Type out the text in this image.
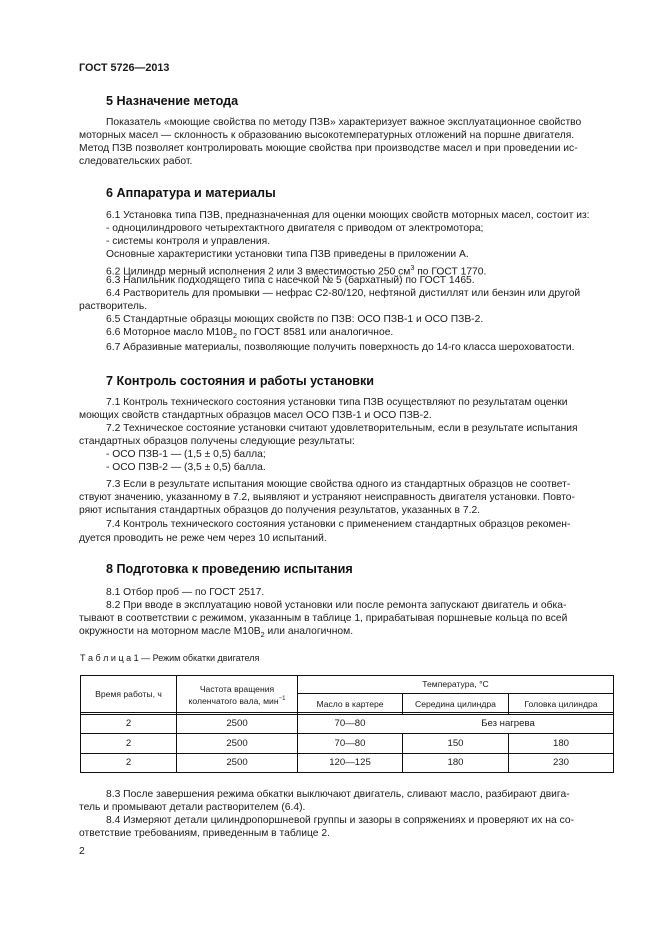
ГОСТ 5726—2013
5 Назначение метода
Показатель «моющие свойства по методу ПЗВ» характеризует важное эксплуатационное свойство
моторных масел — склонность к образованию высокотемпературных отложений на поршне двигателя.
Метод ПЗВ позволяет контролировать моющие свойства при производстве масел и при проведении ис-
следовательских работ.
6 Аппаратура и материалы
6.1 Установка типа ПЗВ, предназначенная для оценки моющих свойств моторных масел, состоит из:
- одноцилиндрового четырехтактного двигателя с приводом от электромотора;
- системы контроля и управления.
Основные характеристики установки типа ПЗВ приведены в приложении А.
6.2 Цилиндр мерный исполнения 2 или 3 вместимостью 250 $см^3$ по ГОСТ 1770.
6.3 Напильник подходящего типа с насечкой № 5 (бархатный) по ГОСТ 1465.
6.4 Растворитель для промывки — нефрас С2-80/120, нефтяной дистиллят или бензин или другой
растворитель.
6.5 Стандартные образцы моющих свойств по ПЗВ: ОСО ПЗВ-1 и ОСО ПЗВ-2.
6.6 Моторное масло $М10В_2$ по ГОСТ 8581 или аналогичное.
6.7 Абразивные материалы, позволяющие получить поверхность до 14-го класса шероховатости.
7 Контроль состояния и работы установки
7.1 Контроль технического состояния установки типа ПЗВ осуществляют по результатам оценки
моющих свойств стандартных образцов масел ОСО ПЗВ-1 и ОСО ПЗВ-2.
7.2 Техническое состояние установки считают удовлетворительным, если в результате испытания
стандартных образцов получены следующие результаты:
- ОСО ПЗВ-1 — (1,5 ± 0,5) балла;
- ОСО ПЗВ-2 — (3,5 ± 0,5) балла.
7.3 Если в результате испытания моющие свойства одного из стандартных образцов не соответ-
ствуют значению, указанному в 7.2, выявляют и устраняют неисправность двигателя установки. Повто-
ряют испытания стандартных образцов до получения результатов, указанных в 7.2.
7.4 Контроль технического состояния установки с применением стандартных образцов рекомен-
дуется проводить не реже чем через 10 испытаний.
8 Подготовка к проведению испытания
8.1 Отбор проб — по ГОСТ 2517.
8.2 При вводе в эксплуатацию новой установки или после ремонта запускают двигатель и обка-
тывают в соответствии с режимом, указанным в таблице 1, прирабатывая поршневые кольца по всей
окружности на моторном масле $М10В_2$ или аналогичном.
Т а б л и ц а 1 — Режим обкатки двигателя
Время работы, ч	Частота вращения
коленчатого вала, мин$^{-1}$
Температура, °С
Масло в картере	Середина цилиндра	Головка цилиндра
2	2500	70—80	Без нагрева
2	2500	70—80	150	180
2	2500	120—125	180	230
8.3 После завершения режима обкатки выключают двигатель, сливают масло, разбирают двига-
тель и промывают детали растворителем (6.4).
8.4 Измеряют детали цилиндропоршневой группы и зазоры в сопряжениях и проверяют их на со-
ответствие требованиям, приведенным в таблице 2.
2
